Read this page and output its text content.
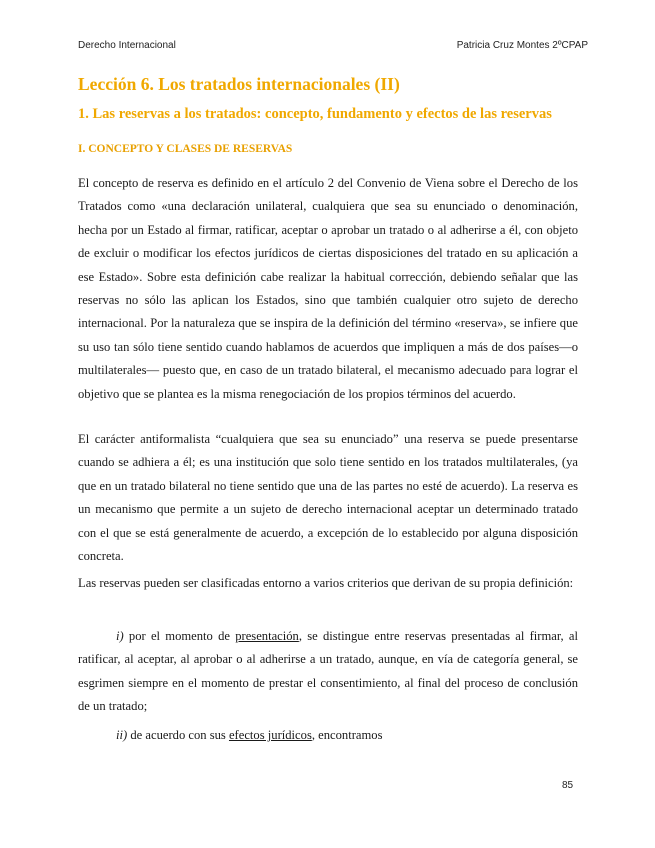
Derecho Internacional	Patricia Cruz Montes 2ºCPAP
Lección 6. Los tratados internacionales (II)
1. Las reservas a los tratados: concepto, fundamento y efectos de las reservas
I. CONCEPTO Y CLASES DE RESERVAS

El concepto de reserva es definido en el artículo 2 del Convenio de Viena sobre el Derecho de los Tratados como «una declaración unilateral, cualquiera que sea su enunciado o denominación, hecha por un Estado al firmar, ratificar, aceptar o aprobar un tratado o al adherirse a él, con objeto de excluir o modificar los efectos jurídicos de ciertas disposiciones del tratado en su aplicación a ese Estado». Sobre esta definición cabe realizar la habitual corrección, debiendo señalar que las reservas no sólo las aplican los Estados, sino que también cualquier otro sujeto de derecho internacional. Por la naturaleza que se inspira de la definición del término «reserva», se infiere que su uso tan sólo tiene sentido cuando hablamos de acuerdos que impliquen a más de dos países—o multilaterales— puesto que, en caso de un tratado bilateral, el mecanismo adecuado para lograr el objetivo que se plantea es la misma renegociación de los propios términos del acuerdo.

El carácter antiformalista “cualquiera que sea su enunciado” una reserva se puede presentarse cuando se adhiera a él; es una institución que solo tiene sentido en los tratados multilaterales, (ya que en un tratado bilateral no tiene sentido que una de las partes no esté de acuerdo). La reserva es un mecanismo que permite a un sujeto de derecho internacional aceptar un determinado tratado con el que se está generalmente de acuerdo, a excepción de lo establecido por alguna disposición concreta.

Las reservas pueden ser clasificadas entorno a varios criterios que derivan de su propia definición:

i) por el momento de presentación, se distingue entre reservas presentadas al firmar, al ratificar, al aceptar, al aprobar o al adherirse a un tratado, aunque, en vía de categoría general, se esgrimen siempre en el momento de prestar el consentimiento, al final del proceso de conclusión de un tratado;

ii) de acuerdo con sus efectos jurídicos, encontramos

85
